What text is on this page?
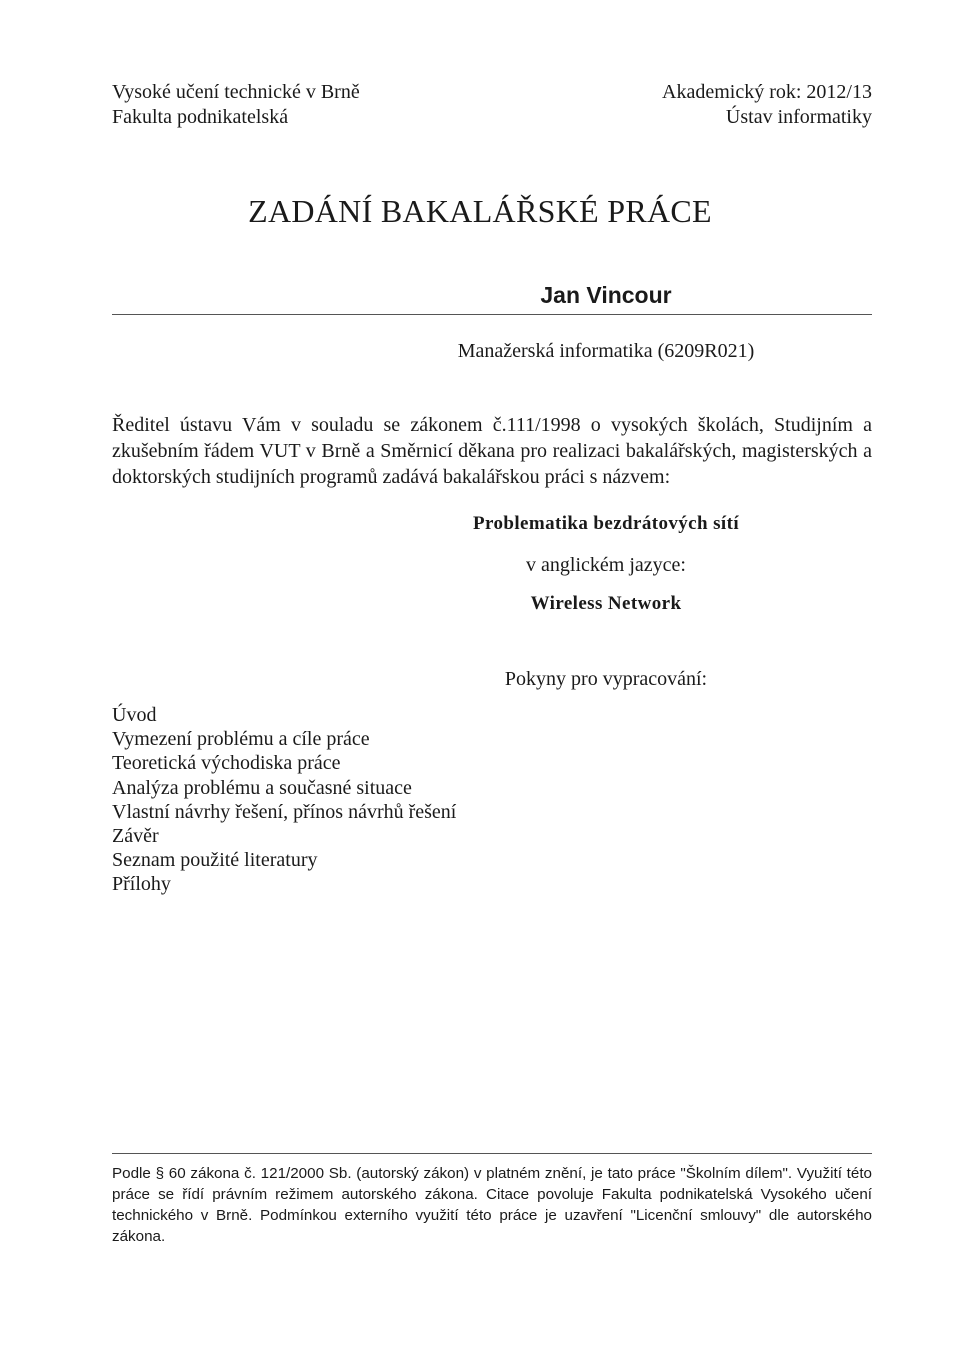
Vysoké učení technické v Brně
Fakulta podnikatelská
Akademický rok: 2012/13
Ústav informatiky
ZADÁNÍ BAKALÁŘSKÉ PRÁCE
Jan Vincour
Manažerská informatika (6209R021)
Ředitel ústavu Vám v souladu se zákonem č.111/1998 o vysokých školách, Studijním a zkušebním řádem VUT v Brně a Směrnicí děkana pro realizaci bakalářských, magisterských a doktorských studijních programů zadává bakalářskou práci s názvem:
Problematika bezdrátových sítí
v anglickém jazyce:
Wireless Network
Pokyny pro vypracování:
Úvod
Vymezení problému a cíle práce
Teoretická východiska práce
Analýza problému a současné situace
Vlastní návrhy řešení, přínos návrhů řešení
Závěr
Seznam použité literatury
Přílohy
Podle § 60 zákona č. 121/2000 Sb. (autorský zákon) v platném znění, je tato práce "Školním dílem". Využití této práce se řídí právním režimem autorského zákona. Citace povoluje Fakulta podnikatelská Vysokého učení technického v Brně. Podmínkou externího využití této práce je uzavření "Licenční smlouvy" dle autorského zákona.
